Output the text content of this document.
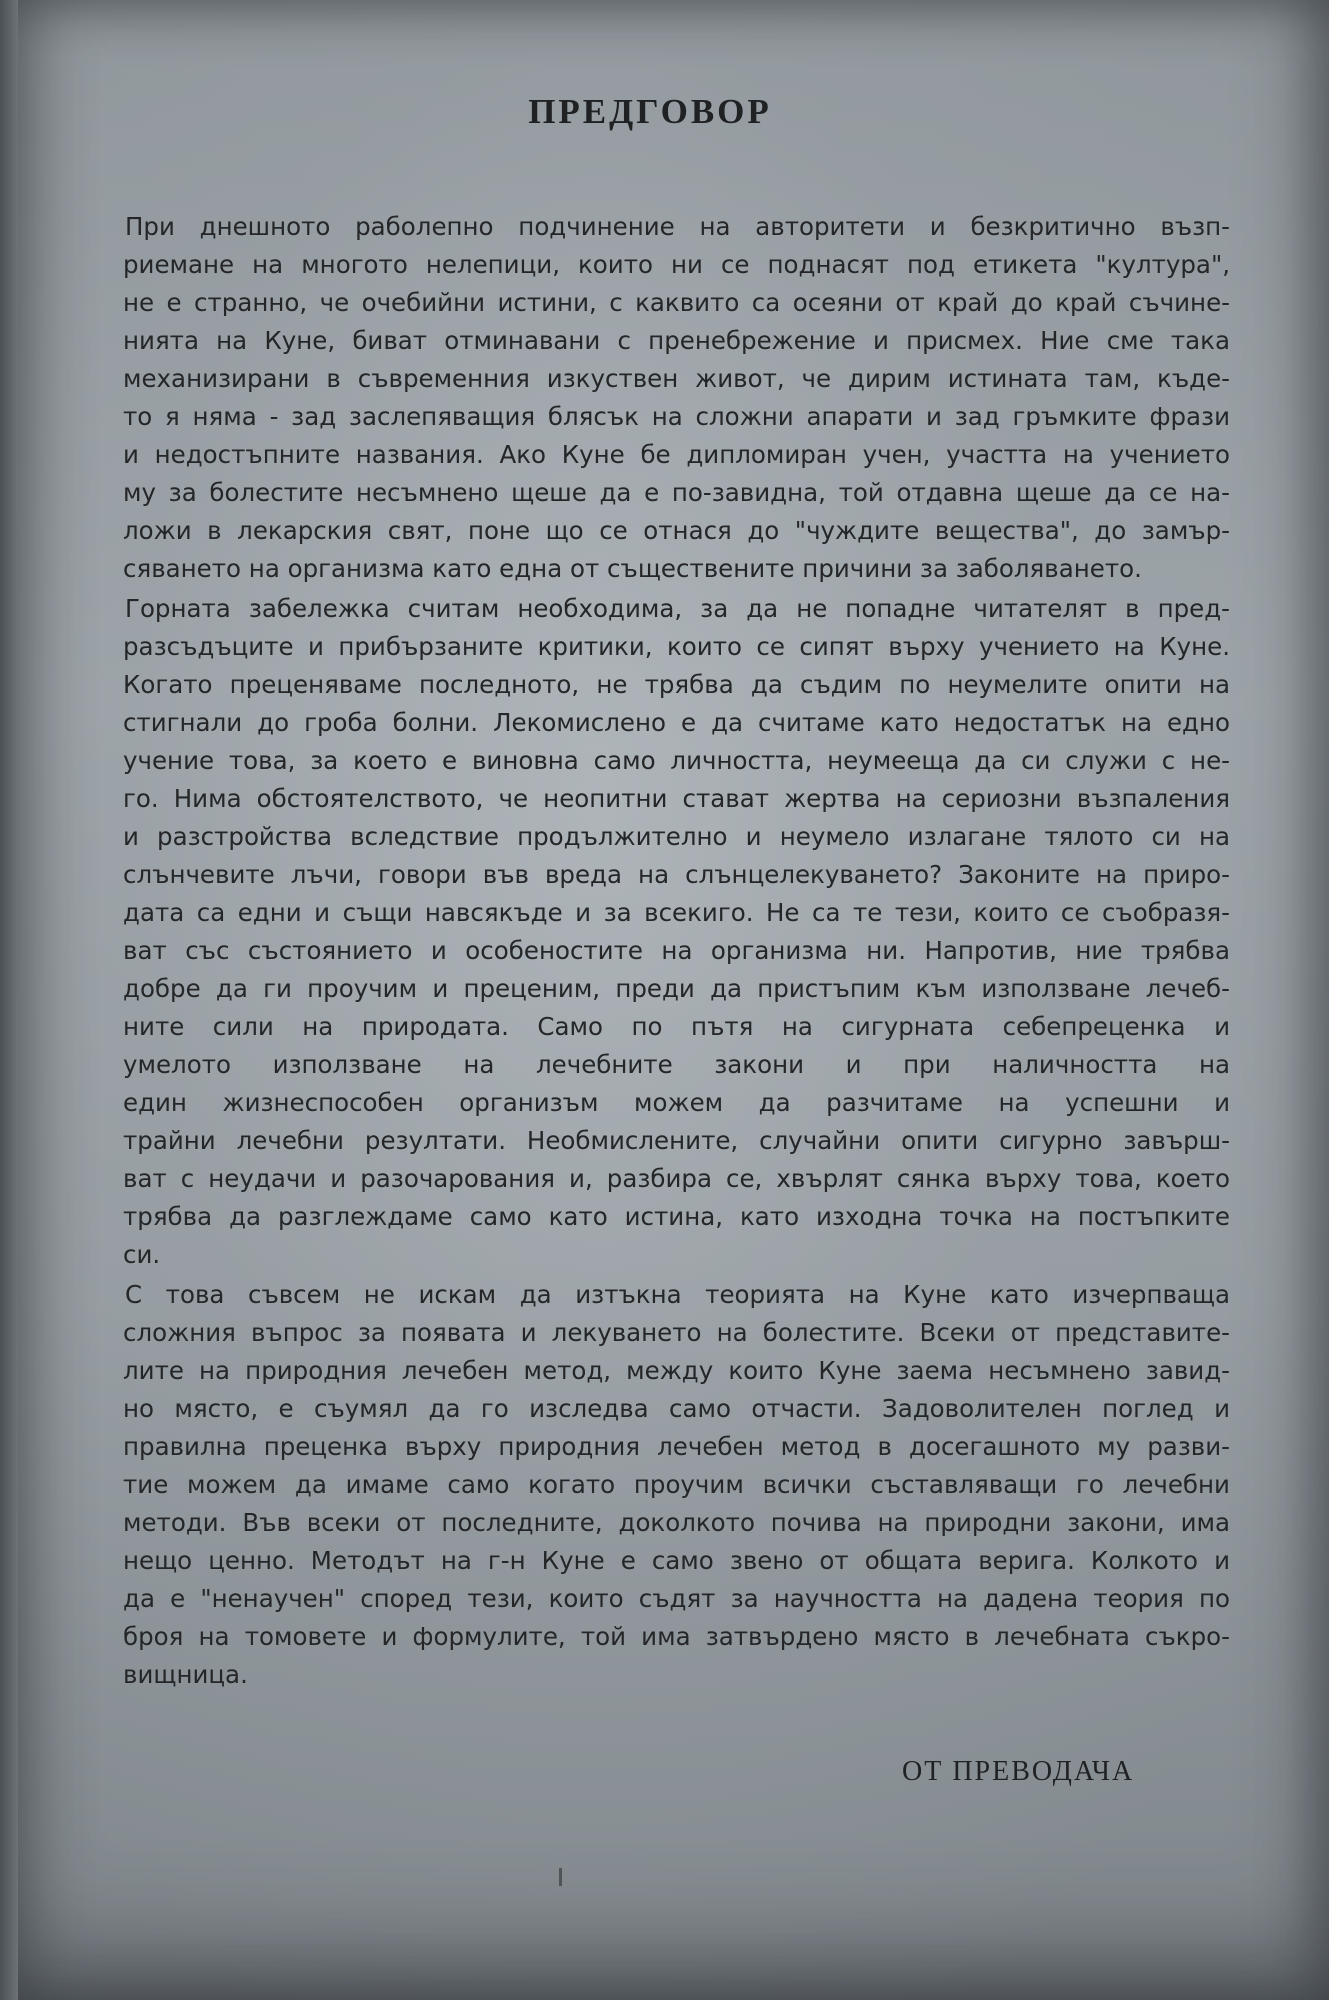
ПРЕДГОВОР
При днешното раболепно подчинение на авторитети и безкритично възп-
риемане на многото нелепици, които ни се поднасят под етикета "култура",
не е странно, че очебийни истини, с каквито са осеяни от край до край съчине-
нията на Куне, биват отминавани с пренебрежение и присмех. Ние сме така
механизирани в съвременния изкуствен живот, че дирим истината там, къде-
то я няма - зад заслепяващия блясък на сложни апарати и зад гръмките фрази
и недостъпните названия. Ако Куне бе дипломиран учен, участта на учението
му за болестите несъмнено щеше да е по-завидна, той отдавна щеше да се на-
ложи в лекарския свят, поне що се отнася до "чуждите вещества", до замър-
сяването на организма като една от съществените причини за заболяването.
Горната забележка считам необходима, за да не попадне читателят в пред-
разсъдъците и прибързаните критики, които се сипят върху учението на Куне.
Когато преценяваме последното, не трябва да съдим по неумелите опити на
стигнали до гроба болни. Лекомислено е да считаме като недостатък на едно
учение това, за което е виновна само личността, неумееща да си служи с не-
го. Нима обстоятелството, че неопитни стават жертва на сериозни възпаления
и разстройства вследствие продължително и неумело излагане тялото си на
слънчевите лъчи, говори във вреда на слънцелекуването? Законите на приро-
дата са едни и същи навсякъде и за всекиго. Не са те тези, които се съобразя-
ват със състоянието и особеностите на организма ни. Напротив, ние трябва
добре да ги проучим и преценим, преди да пристъпим към използване лечеб-
ните сили на природата. Само по пътя на сигурната себепреценка и
умелото използване на лечебните закони и при наличността на
един жизнеспособен организъм можем да разчитаме на успешни и
трайни лечебни резултати. Необмислените, случайни опити сигурно завърш-
ват с неудачи и разочарования и, разбира се, хвърлят сянка върху това, което
трябва да разглеждаме само като истина, като изходна точка на постъпките
си.
С това съвсем не искам да изтъкна теорията на Куне като изчерпваща
сложния въпрос за появата и лекуването на болестите. Всеки от представите-
лите на природния лечебен метод, между които Куне заема несъмнено завид-
но място, е съумял да го изследва само отчасти. Задоволителен поглед и
правилна преценка върху природния лечебен метод в досегашното му разви-
тие можем да имаме само когато проучим всички съставляващи го лечебни
методи. Във всеки от последните, доколкото почива на природни закони, има
нещо ценно. Методът на г-н Куне е само звено от общата верига. Колкото и
да е "ненаучен" според тези, които съдят за научността на дадена теория по
броя на томовете и формулите, той има затвърдено място в лечебната съкро-
вищница.
ОТ ПРЕВОДАЧА
